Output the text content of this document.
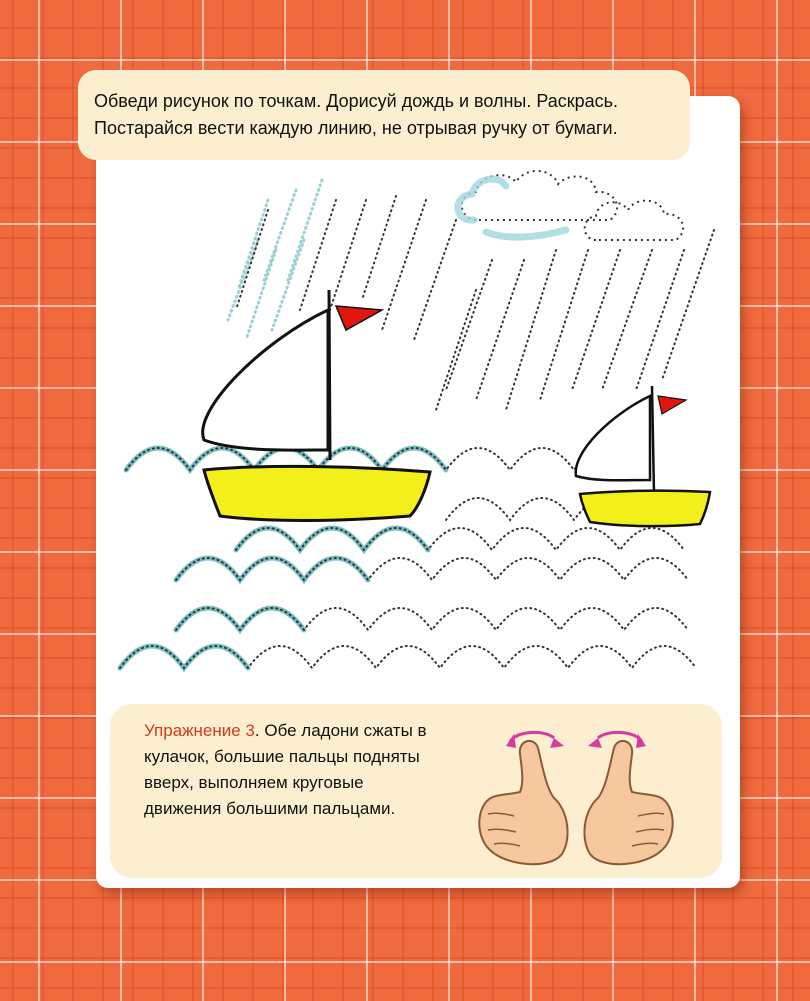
Обведи рисунок по точкам. Дорисуй дождь и волны. Раскрась.
Постарайся вести каждую линию, не отрывая ручку от бумаги.
Упражнение 3. Обе ладони сжаты в кулачок, большие пальцы подняты вверх, выполняем круговые движения большими пальцами.
